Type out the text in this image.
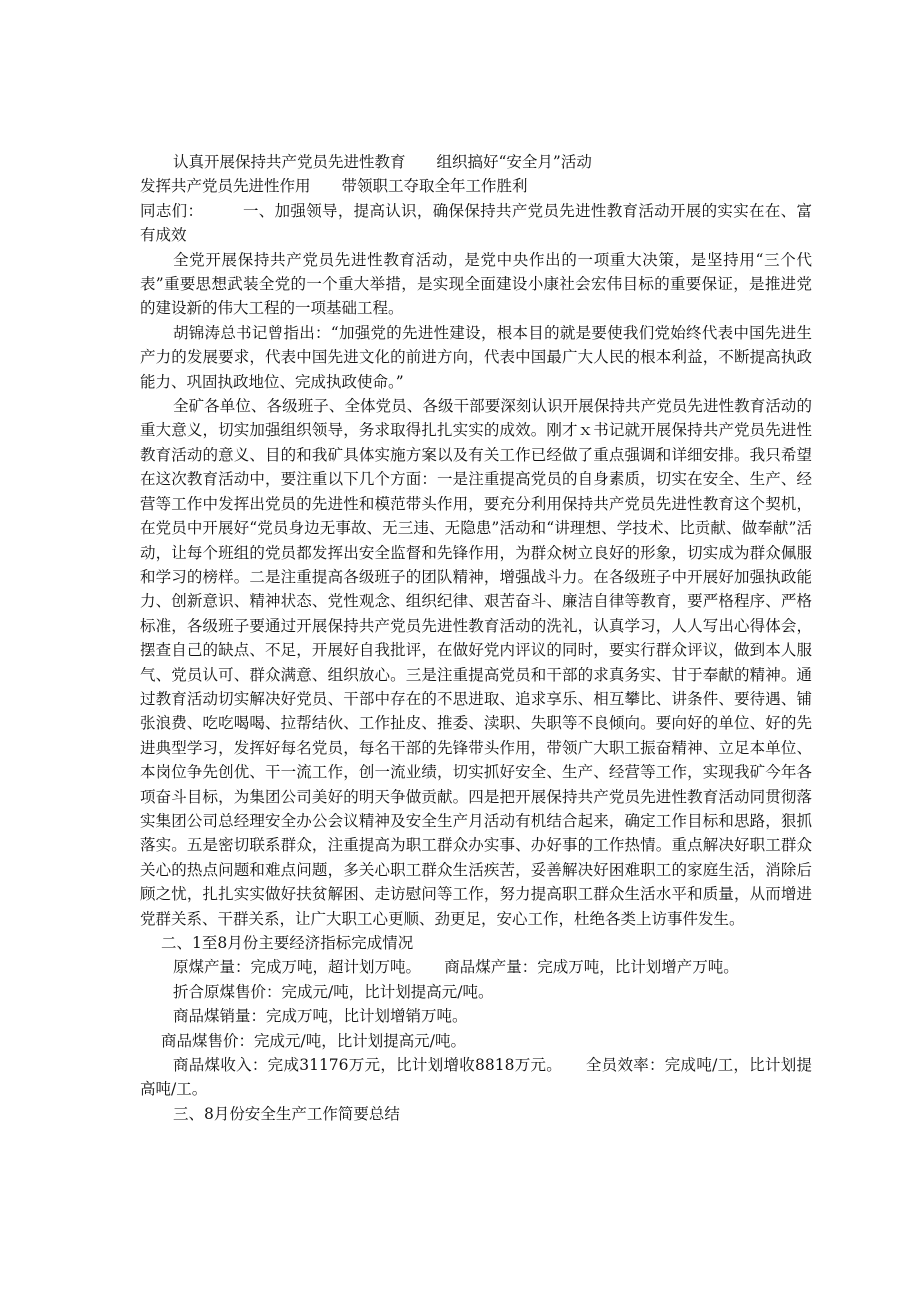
认真开展保持共产党员先进性教育　　组织搞好“安全月”活动
发挥共产党员先进性作用　　带领职工夺取全年工作胜利

同志们：　　　一、加强领导，提高认识，确保保持共产党员先进性教育活动开展的实实在在、富有成效

全党开展保持共产党员先进性教育活动，是党中央作出的一项重大决策，是坚持用“三个代表”重要思想武装全党的一个重大举措，是实现全面建设小康社会宏伟目标的重要保证，是推进党的建设新的伟大工程的一项基础工程。

胡锦涛总书记曾指出：“加强党的先进性建设，根本目的就是要使我们党始终代表中国先进生产力的发展要求，代表中国先进文化的前进方向，代表中国最广大人民的根本利益，不断提高执政能力、巩固执政地位、完成执政使命。”

全矿各单位、各级班子、全体党员、各级干部要深刻认识开展保持共产党员先进性教育活动的重大意义，切实加强组织领导，务求取得扎扎实实的成效。刚才ｘ书记就开展保持共产党员先进性教育活动的意义、目的和我矿具体实施方案以及有关工作已经做了重点强调和详细安排。我只希望在这次教育活动中，要注重以下几个方面：一是注重提高党员的自身素质，切实在安全、生产、经营等工作中发挥出党员的先进性和模范带头作用，要充分利用保持共产党员先进性教育这个契机，在党员中开展好“党员身边无事故、无三违、无隐患”活动和“讲理想、学技术、比贡献、做奉献”活动，让每个班组的党员都发挥出安全监督和先锋作用，为群众树立良好的形象，切实成为群众佩服和学习的榜样。二是注重提高各级班子的团队精神，增强战斗力。在各级班子中开展好加强执政能力、创新意识、精神状态、党性观念、组织纪律、艰苦奋斗、廉洁自律等教育，要严格程序、严格标准，各级班子要通过开展保持共产党员先进性教育活动的洗礼，认真学习，人人写出心得体会，摆查自己的缺点、不足，开展好自我批评，在做好党内评议的同时，要实行群众评议，做到本人服气、党员认可、群众满意、组织放心。三是注重提高党员和干部的求真务实、甘于奉献的精神。通过教育活动切实解决好党员、干部中存在的不思进取、追求享乐、相互攀比、讲条件、要待遇、铺张浪费、吃吃喝喝、拉帮结伙、工作扯皮、推委、渎职、失职等不良倾向。要向好的单位、好的先进典型学习，发挥好每名党员，每名干部的先锋带头作用，带领广大职工振奋精神、立足本单位、本岗位争先创优、干一流工作，创一流业绩，切实抓好安全、生产、经营等工作，实现我矿今年各项奋斗目标，为集团公司美好的明天争做贡献。四是把开展保持共产党员先进性教育活动同贯彻落实集团公司总经理安全办公会议精神及安全生产月活动有机结合起来，确定工作目标和思路，狠抓落实。五是密切联系群众，注重提高为职工群众办实事、办好事的工作热情。重点解决好职工群众关心的热点问题和难点问题，多关心职工群众生活疾苦，妥善解决好困难职工的家庭生活，消除后顾之忧，扎扎实实做好扶贫解困、走访慰问等工作，努力提高职工群众生活水平和质量，从而增进党群关系、干群关系，让广大职工心更顺、劲更足，安心工作，杜绝各类上访事件发生。

二、1至8月份主要经济指标完成情况
原煤产量：完成万吨，超计划万吨。　　商品煤产量：完成万吨，比计划增产万吨。
折合原煤售价：完成元/吨，比计划提高元/吨。
商品煤销量：完成万吨，比计划增销万吨。
商品煤售价：完成元/吨，比计划提高元/吨。

商品煤收入：完成31176万元，比计划增收8818万元。　　全员效率：完成吨/工，比计划提高吨/工。

三、8月份安全生产工作简要总结
